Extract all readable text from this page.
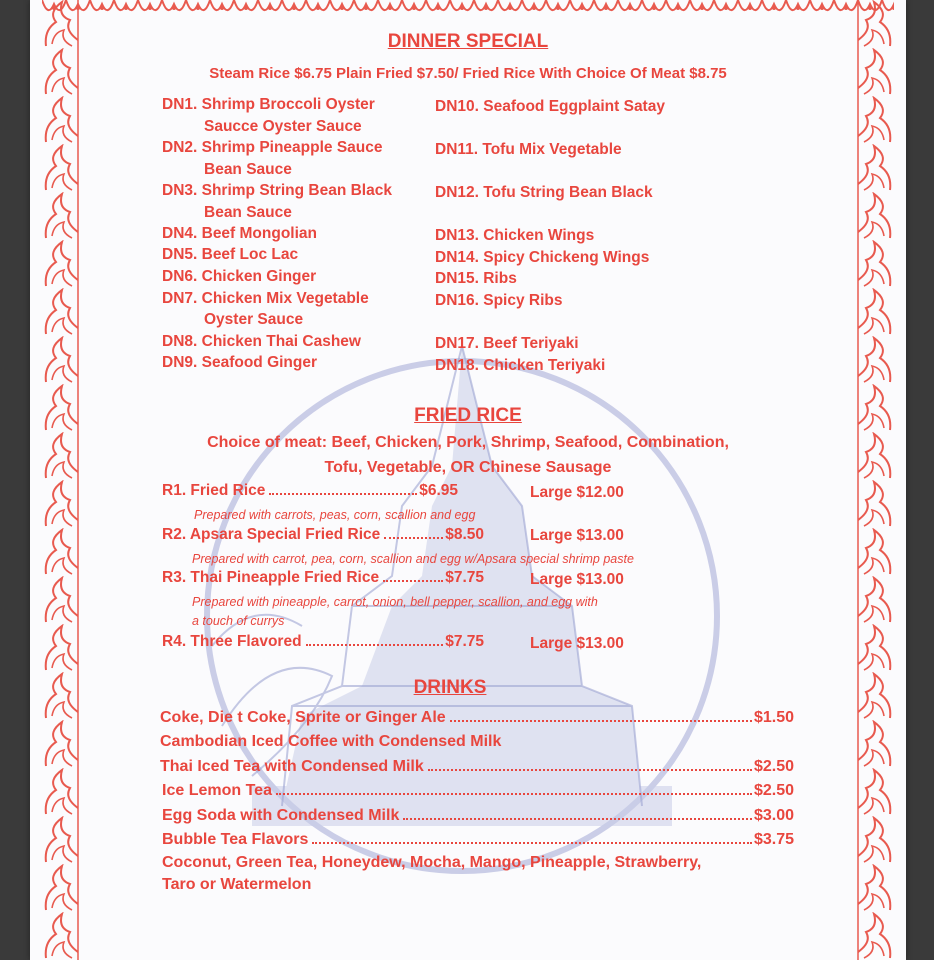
DINNER SPECIAL
Steam Rice $6.75 Plain Fried $7.50/ Fried Rice With Choice Of Meat $8.75
DN1. Shrimp Broccoli Oyster
Saucce Oyster Sauce
DN2. Shrimp Pineapple Sauce
Bean Sauce
DN3. Shrimp String Bean Black
Bean Sauce
DN4. Beef Mongolian
DN5. Beef Loc Lac
DN6. Chicken Ginger
DN7. Chicken Mix Vegetable
Oyster Sauce
DN8. Chicken Thai Cashew
DN9. Seafood Ginger
DN10. Seafood Eggplaint Satay
DN11. Tofu Mix Vegetable
DN12. Tofu String Bean Black
DN13. Chicken Wings
DN14. Spicy Chickeng Wings
DN15. Ribs
DN16. Spicy Ribs
DN17. Beef Teriyaki
DN18. Chicken Teriyaki
FRIED RICE
Choice of meat: Beef, Chicken, Pork, Shrimp, Seafood, Combination,
Tofu, Vegetable, OR Chinese Sausage
R1. Fried Rice	$6.95	Large $12.00
Prepared with carrots, peas, corn, scallion and egg
R2. Apsara Special Fried Rice	$8.50	Large $13.00
Prepared with carrot, pea, corn, scallion and egg w/Apsara special shrimp paste
R3. Thai Pineapple Fried Rice	$7.75	Large $13.00
Prepared with pineapple, carrot, onion, bell pepper, scallion, and egg with
a touch of currys
R4. Three Flavored	$7.75	Large $13.00
DRINKS
Coke, Die t Coke, Sprite or Ginger Ale	$1.50
Cambodian Iced Coffee with Condensed Milk
Thai Iced Tea with Condensed Milk	$2.50
Ice Lemon Tea	$2.50
Egg Soda with Condensed Milk	$3.00
Bubble Tea Flavors	$3.75
Coconut, Green Tea, Honeydew, Mocha, Mango, Pineapple, Strawberry,
Taro or Watermelon
